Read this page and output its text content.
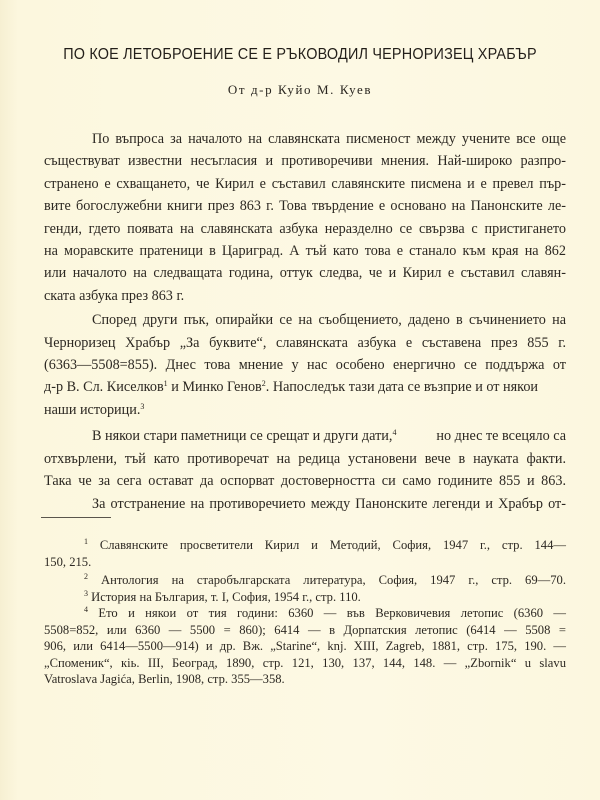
ПО КОЕ ЛЕТОБРОЕНИЕ СЕ Е РЪКОВОДИЛ ЧЕРНОРИЗЕЦ ХРАБЪР
От д-р Куйо М. Куев
По въпроса за началото на славянската писменост между учените все още
съществуват известни несъгласия и противоречиви мнения. Най-широко разпро-
странено е схващането, че Кирил е съставил славянските писмена и е превел пър-
вите богослужебни книги през 863 г. Това твърдение е основано на Панонските ле-
генди, гдето появата на славянската азбука неразделно се свързва с пристигането
на моравските пратеници в Цариград. А тъй като това е станало към края на 862
или началото на следващата година, оттук следва, че и Кирил е съставил славян-
ската азбука през 863 г.
Според други пък, опирайки се на съобщението, дадено в съчинението на
Черноризец Храбър „За буквите“, славянската азбука е съставена през 855 г.
(6363—5508=855). Днес това мнение у нас особено енергично се поддържа от
д-р В. Сл. Киселков$^1$ и Минко Генов$^2$. Напоследък тази дата се възприе и от някои
наши историци.$^3$
В някои стари паметници се срещат и други дати,$^4$	но днес те всецяло са
отхвърлени, тъй като противоречат на редица установени вече в науката факти.
Така че за сега остават да оспорват достоверността си само годините 855 и 863.
За отстранение на противоречието между Панонските легенди и Храбър от-
$^1$ Славянските просветители Кирил и Методий, София, 1947 г., стр. 144—
150, 215.
$^2$ Антология на старобългарската литература, София, 1947 г., стр. 69—70.
$^3$ История на България, т. I, София, 1954 г., стр. 110.
$^4$ Ето и някои от тия години: 6360 — във Верковичевия летопис (6360 —
5508=852, или 6360 — 5500 = 860); 6414 — в Дорпатския летопис (6414 — 5508 =
906, или 6414—5500—914) и др. Вж. „Starine“, knj. XIII, Zagreb, 1881, стр. 175, 190. —
„Споменик“, кiь. III, Београд, 1890, стр. 121, 130, 137, 144, 148. — „Zbornik“ u slavu
Vatroslava Jagića, Berlin, 1908, стр. 355—358.
